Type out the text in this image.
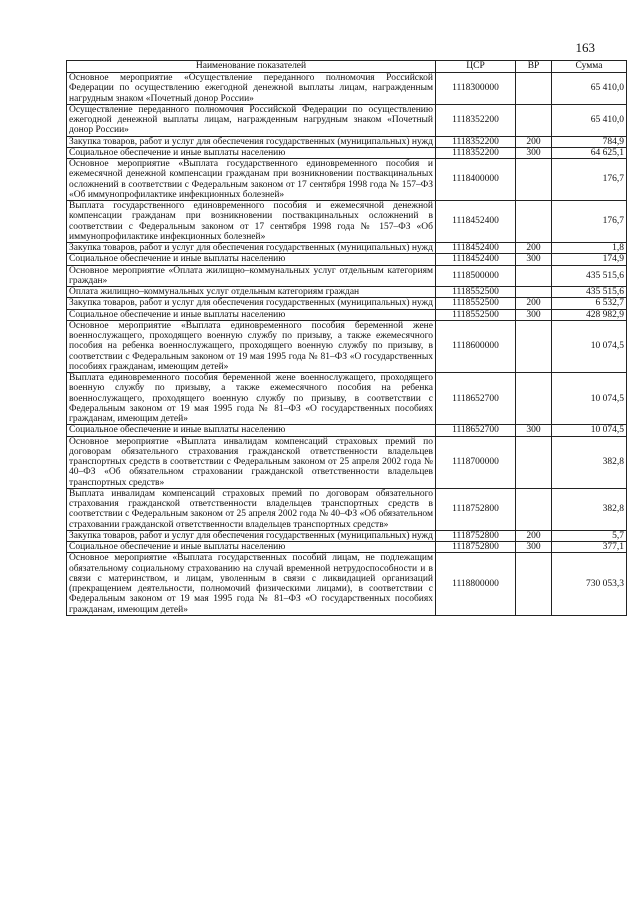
163
Наименование показателей	ЦСР	ВР	Сумма
Основное мероприятие «Осуществление переданного полномочия Российской Федерации по осуществлению ежегодной денежной выплаты лицам, награжденным нагрудным знаком «Почетный донор России»	1118300000		65 410,0
Осуществление переданного полномочия Российской Федерации по осуществлению ежегодной денежной выплаты лицам, награжденным нагрудным знаком «Почетный донор России»	1118352200		65 410,0
Закупка товаров, работ и услуг для обеспечения государственных (муниципальных) нужд	1118352200	200	784,9
Социальное обеспечение и иные выплаты населению	1118352200	300	64 625,1
Основное мероприятие «Выплата государственного единовременного пособия и ежемесячной денежной компенсации гражданам при возникновении поствакцинальных осложнений в соответствии с Федеральным законом от 17 сентября 1998 года № 157–ФЗ «Об иммунопрофилактике инфекционных болезней»	1118400000		176,7
Выплата государственного единовременного пособия и ежемесячной денежной компенсации гражданам при возникновении поствакцинальных осложнений в соответствии с Федеральным законом от 17 сентября 1998 года № 157–ФЗ «Об иммунопрофилактике инфекционных болезней»	1118452400		176,7
Закупка товаров, работ и услуг для обеспечения государственных (муниципальных) нужд	1118452400	200	1,8
Социальное обеспечение и иные выплаты населению	1118452400	300	174,9
Основное мероприятие «Оплата жилищно–коммунальных услуг отдельным категориям граждан»	1118500000		435 515,6
Оплата жилищно–коммунальных услуг отдельным категориям граждан	1118552500		435 515,6
Закупка товаров, работ и услуг для обеспечения государственных (муниципальных) нужд	1118552500	200	6 532,7
Социальное обеспечение и иные выплаты населению	1118552500	300	428 982,9
Основное мероприятие «Выплата единовременного пособия беременной жене военнослужащего, проходящего военную службу по призыву, а также ежемесячного пособия на ребенка военнослужащего, проходящего военную службу по призыву, в соответствии с Федеральным законом от 19 мая 1995 года № 81–ФЗ «О государственных пособиях гражданам, имеющим детей»	1118600000		10 074,5
Выплата единовременного пособия беременной жене военнослужащего, проходящего военную службу по призыву, а также ежемесячного пособия на ребенка военнослужащего, проходящего военную службу по призыву, в соответствии с Федеральным законом от 19 мая 1995 года № 81–ФЗ «О государственных пособиях гражданам, имеющим детей»	1118652700		10 074,5
Социальное обеспечение и иные выплаты населению	1118652700	300	10 074,5
Основное мероприятие «Выплата инвалидам компенсаций страховых премий по договорам обязательного страхования гражданской ответственности владельцев транспортных средств в соответствии с Федеральным законом от 25 апреля 2002 года № 40–ФЗ «Об обязательном страховании гражданской ответственности владельцев транспортных средств»	1118700000		382,8
Выплата инвалидам компенсаций страховых премий по договорам обязательного страхования гражданской ответственности владельцев транспортных средств в соответствии с Федеральным законом от 25 апреля 2002 года № 40–ФЗ «Об обязательном страховании гражданской ответственности владельцев транспортных средств»	1118752800		382,8
Закупка товаров, работ и услуг для обеспечения государственных (муниципальных) нужд	1118752800	200	5,7
Социальное обеспечение и иные выплаты населению	1118752800	300	377,1
Основное мероприятие «Выплата государственных пособий лицам, не подлежащим обязательному социальному страхованию на случай временной нетрудоспособности и в связи с материнством, и лицам, уволенным в связи с ликвидацией организаций (прекращением деятельности, полномочий физическими лицами), в соответствии с Федеральным законом от 19 мая 1995 года № 81–ФЗ «О государственных пособиях гражданам, имеющим детей»	1118800000		730 053,3
